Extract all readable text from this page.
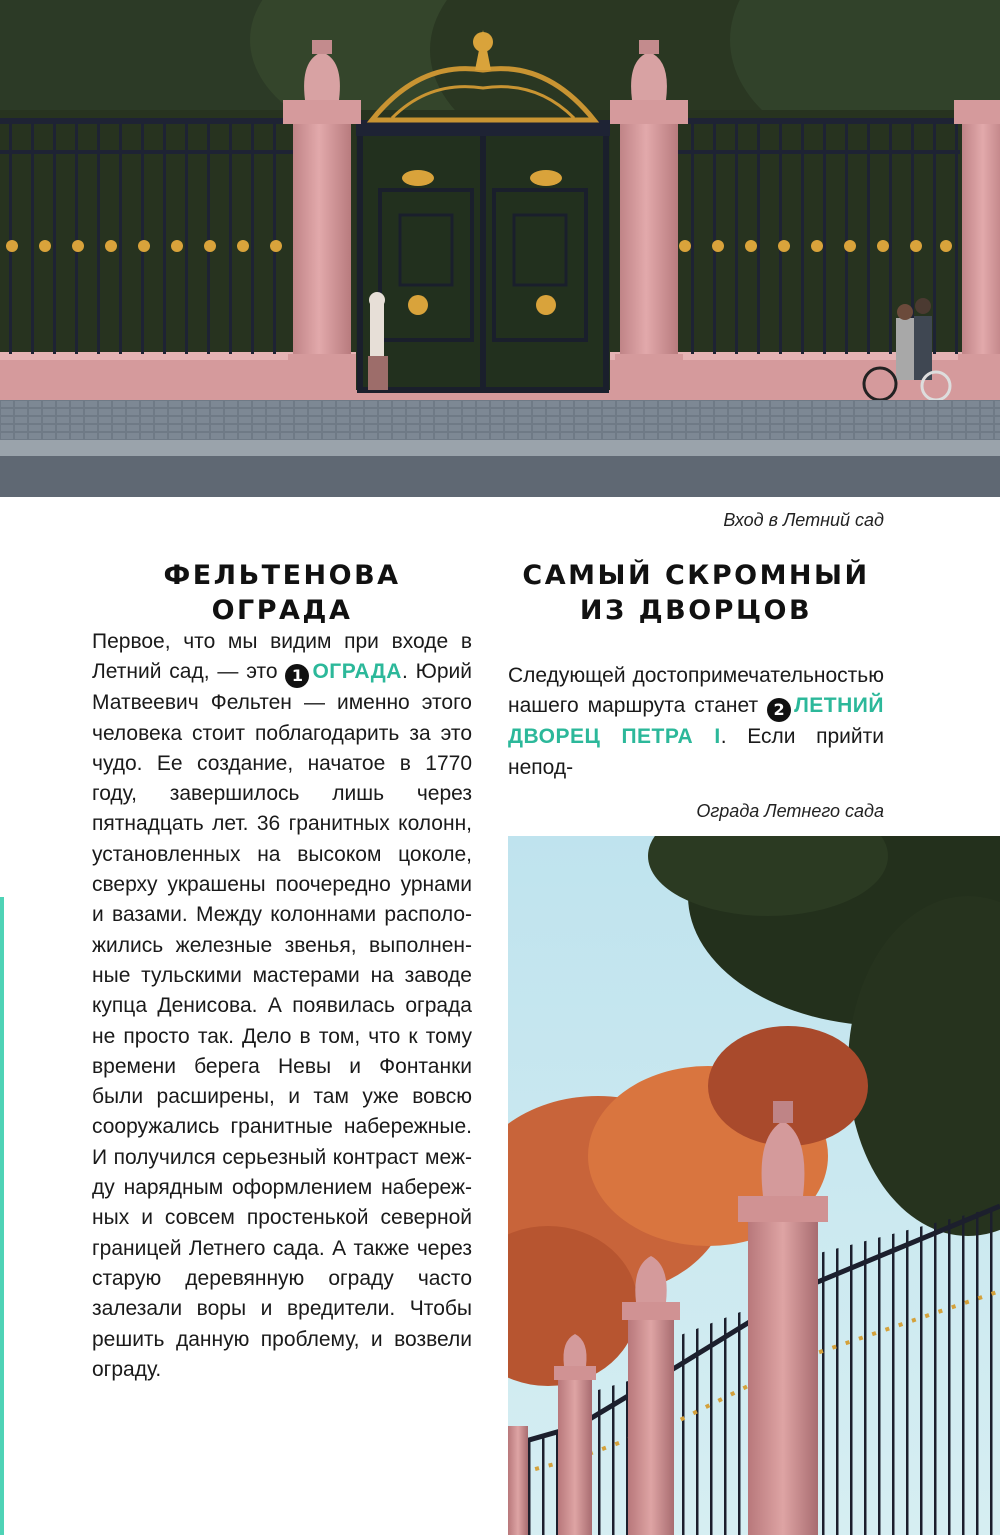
Вход в Летний сад
ФЕЛЬТЕНОВА ОГРАДА

Первое, что мы видим при входе в Летний сад, — это 1 ОГРАДА. Юрий Матвеевич Фельтен — именно этого человека стоит поблагодарить за это чудо. Ее создание, начатое в 1770 году, завершилось лишь через пятнадцать лет. 36 гранитных колонн, установленных на высоком цоколе, сверху украшены поочередно урнами и вазами. Между колоннами расположились железные звенья, выполненные тульскими мастерами на заводе купца Денисова. А появилась ограда не просто так. Дело в том, что к тому времени берега Невы и Фонтанки были расширены, и там уже вовсю сооружались гранитные набережные. И получился серьезный контраст между нарядным оформлением набережных и совсем простенькой северной границей Летнего сада. А также через старую деревянную ограду часто залезали воры и вредители. Чтобы решить данную проблему, и возвели ограду.

САМЫЙ СКРОМНЫЙ
ИЗ ДВОРЦОВ

Следующей достопримечательностью нашего маршрута станет 2 ЛЕТНИЙ ДВОРЕЦ ПЕТРА I. Если прийти непод-

Ограда Летнего сада
